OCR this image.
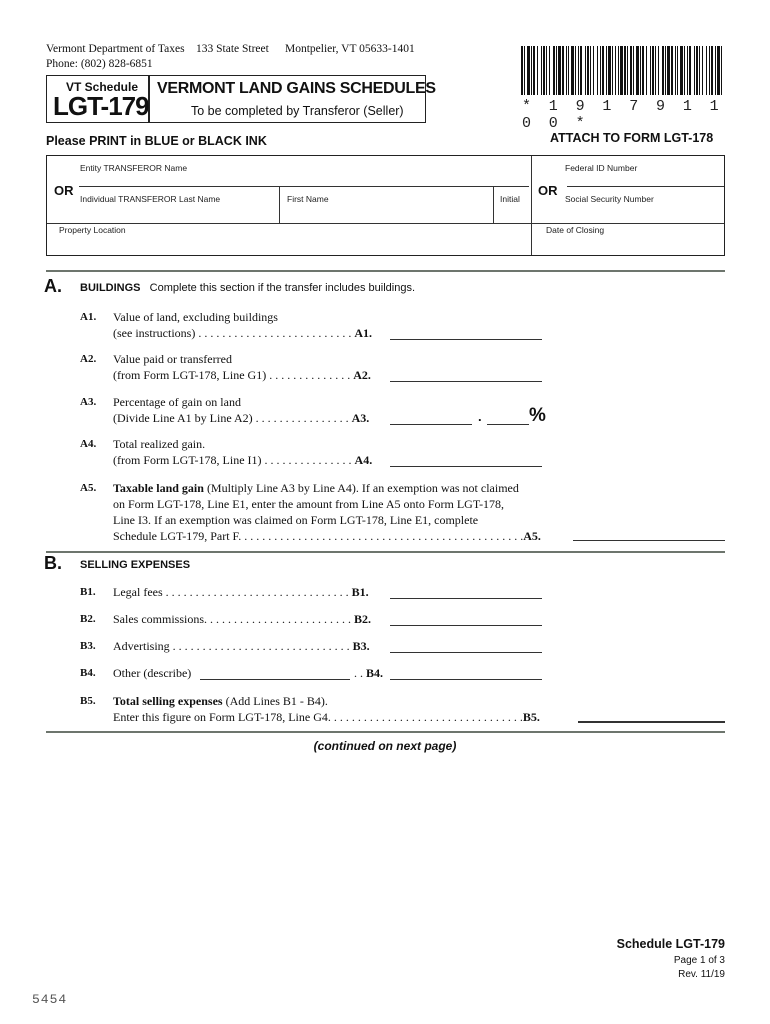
Vermont Department of Taxes 133 State Street Montpelier, VT 05633-1401
Phone: (802) 828-6851
* 1 9 1 7 9 1 1 0 0 *
VT Schedule
LGT-179
VERMONT LAND GAINS SCHEDULES
To be completed by Transferor (Seller)
Please PRINT in BLUE or BLACK INK	ATTACH TO FORM LGT-178
Entity TRANSFEROR Name	Federal ID Number
OR	OR
Individual TRANSFEROR Last Name	First Name	Initial	Social Security Number
Property Location	Date of Closing
A. BUILDINGS Complete this section if the transfer includes buildings.
A1. Value of land, excluding buildings
(see instructions) . . . . . . . . . . . . . . . . . . . . . . . . . . A1.
A2. Value paid or transferred
(from Form LGT-178, Line G1) . . . . . . . . . . . . . . A2.
A3. Percentage of gain on land
(Divide Line A1 by Line A2) . . . . . . . . . . . . . . . . A3.	. %
A4. Total realized gain.
(from Form LGT-178, Line I1) . . . . . . . . . . . . . . . A4.
A5. Taxable land gain (Multiply Line A3 by Line A4). If an exemption was not claimed
on Form LGT-178, Line E1, enter the amount from Line A5 onto Form LGT-178,
Line I3. If an exemption was claimed on Form LGT-178, Line E1, complete
Schedule LGT-179, Part F. . . . . . . . . . . . . . . . . . . . . . . . . . . . . . . . . . . . . . . . . . . . . . . .A5.
B. SELLING EXPENSES
B1. Legal fees . . . . . . . . . . . . . . . . . . . . . . . . . . . . . . . B1.
B2. Sales commissions. . . . . . . . . . . . . . . . . . . . . . . . . B2.
B3. Advertising . . . . . . . . . . . . . . . . . . . . . . . . . . . . . . B3.
B4. Other (describe)	. . B4.
B5. Total selling expenses (Add Lines B1 - B4).
Enter this figure on Form LGT-178, Line G4. . . . . . . . . . . . . . . . . . . . . . . . . . . . . . . . .B5.
(continued on next page)
Schedule LGT-179
Page 1 of 3
Rev. 11/19
5454
